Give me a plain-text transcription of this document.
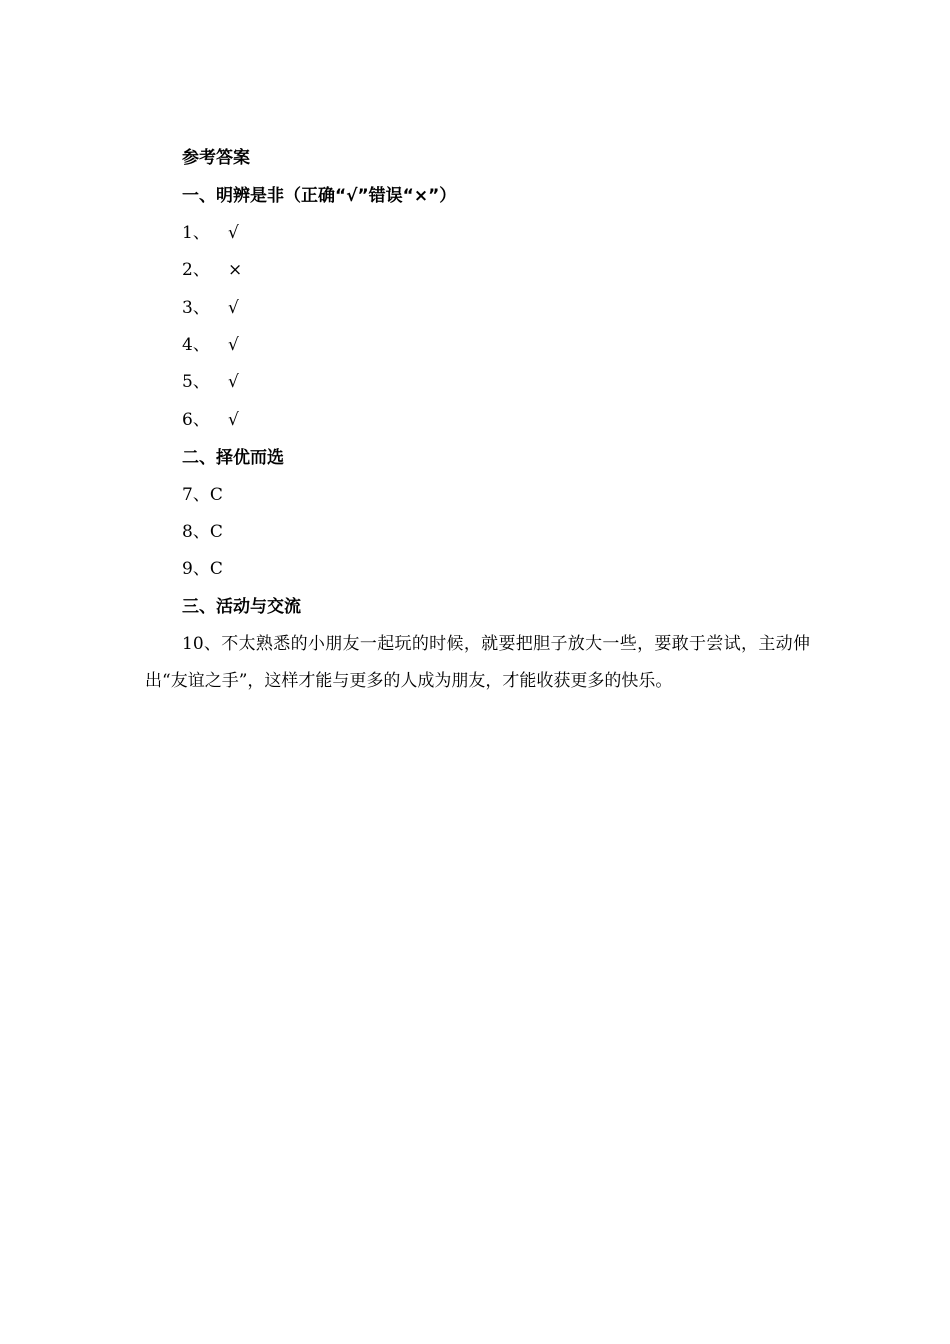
参考答案
一、明辨是非（正确“√”错误“×”）
1、	√
2、	×
3、	√
4、	√
5、	√
6、	√
二、择优而选
7、C
8、C
9、C
三、活动与交流
10、不太熟悉的小朋友一起玩的时候，就要把胆子放大一些，要敢于尝试，主动伸出“友谊之手”，这样才能与更多的人成为朋友，才能收获更多的快乐。
